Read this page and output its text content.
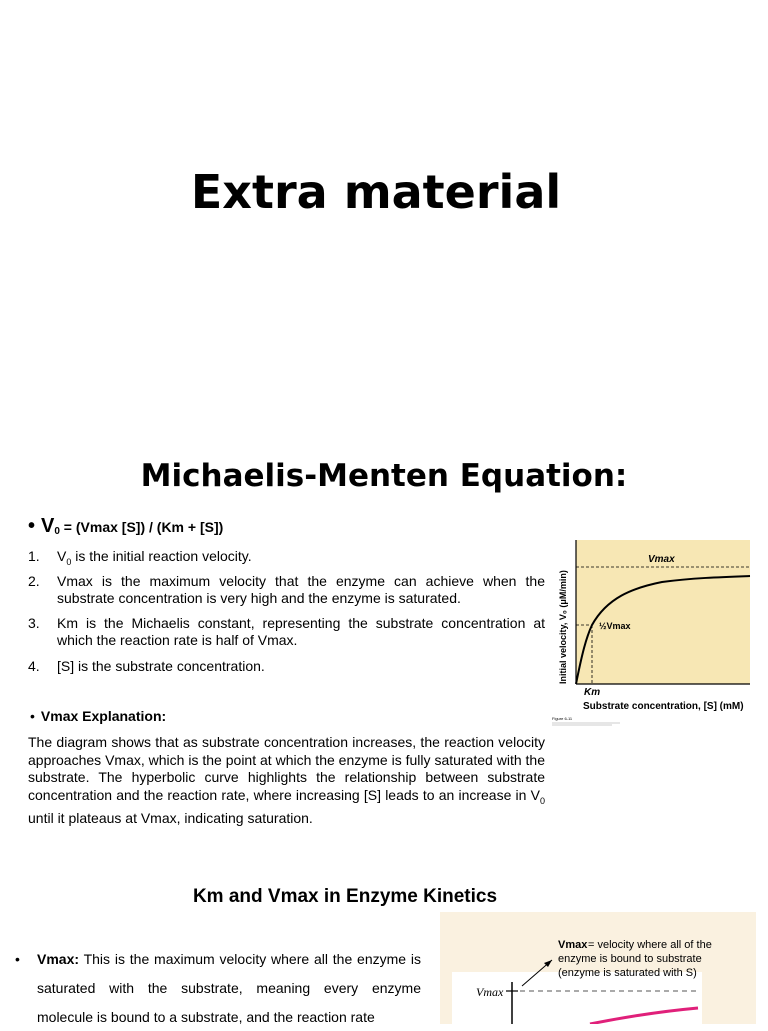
Extra material
Michaelis-Menten Equation:
• V0 = (Vmax [S]) / (Km + [S])
1.	$V_0$ is the initial reaction velocity.
2.	Vmax is the maximum velocity that the enzyme can achieve when the substrate concentration is very high and the enzyme is saturated.
3.	Km is the Michaelis constant, representing the substrate concentration at which the reaction rate is half of Vmax.
4.	[S] is the substrate concentration.
• Vmax Explanation:
The diagram shows that as substrate concentration increases, the reaction velocity approaches Vmax, which is the point at which the enzyme is fully saturated with the substrate. The hyperbolic curve highlights the relationship between substrate concentration and the reaction rate, where increasing [S] leads to an increase in $V_0$ until it plateaus at Vmax, indicating saturation.
Vmax
½Vmax
Km
Substrate concentration, [S] (mM)
Initial velocity, V₀ (μM/min)
Figure 6-11
Km and Vmax in Enzyme Kinetics
• Vmax: This is the maximum velocity where all the enzyme is saturated with the substrate, meaning every enzyme molecule is bound to a substrate, and the reaction rate
Vmax
Vmax = velocity where all of the enzyme is bound to substrate (enzyme is saturated with S)
